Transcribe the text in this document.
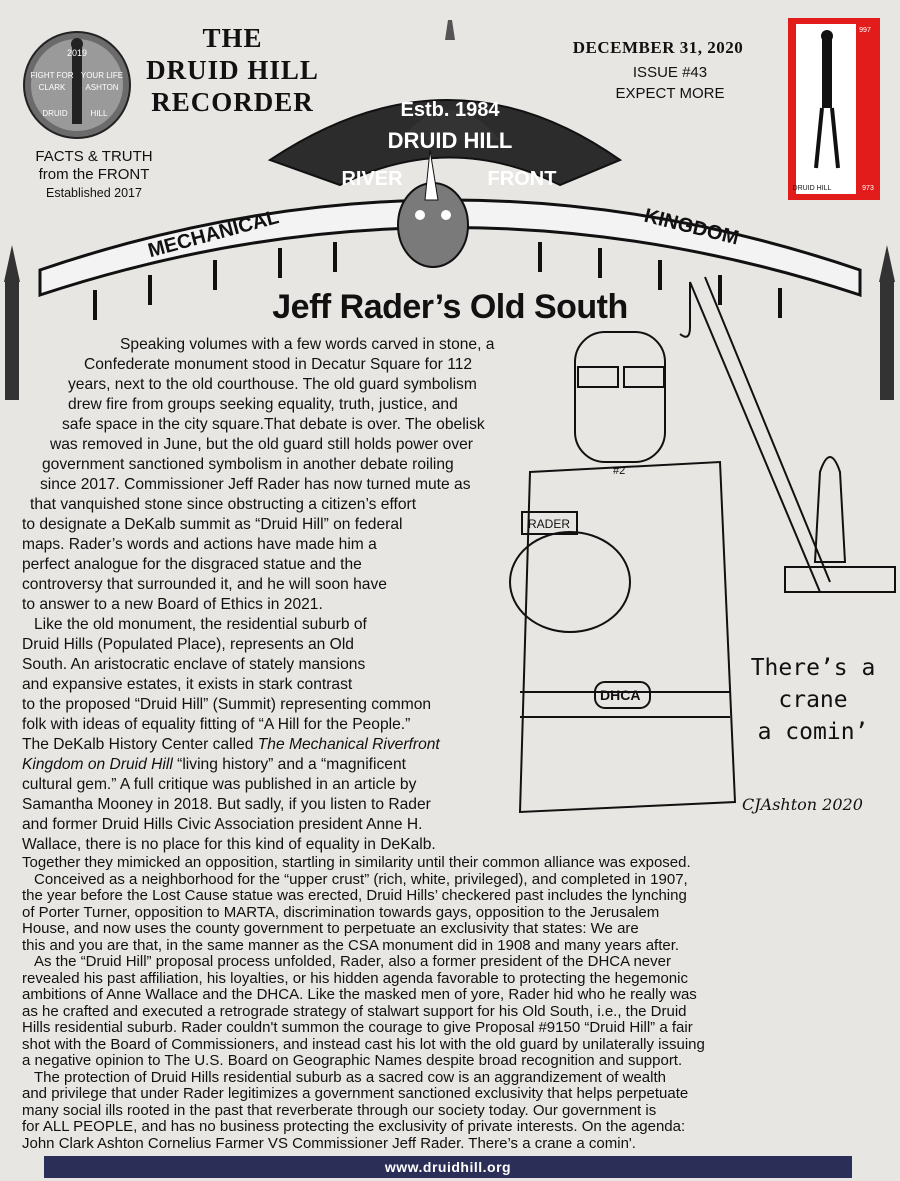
2019
FIGHT FOR YOUR LIFE
CLARK	ASHTON
DRUID	HILL
THE
DRUID HILL
RECORDER
FACTS & TRUTH
from the FRONT
Established 2017
DECEMBER 31, 2020
ISSUE #43
EXPECT MORE
997
DRUID HILL	973
Estb. 1984
DRUID HILL
RIVER	FRONT
MECHANICAL	KINGDOM
#2
RADER
DHCA
There’s a
crane
a comin’
CJAshton 2020
Jeff Rader’s Old South
Speaking volumes with a few words carved in stone, a
Confederate monument stood in Decatur Square for 112
years, next to the old courthouse. The old guard symbolism
drew fire from groups seeking equality, truth, justice, and
safe space in the city square.That debate is over. The obelisk
was removed in June, but the old guard still holds power over
government sanctioned symbolism in another debate roiling
since 2017. Commissioner Jeff Rader has now turned mute as
that vanquished stone since obstructing a citizen’s effort
to designate a DeKalb summit as “Druid Hill” on federal
maps. Rader’s words and actions have made him a
perfect analogue for the disgraced statue and the
controversy that surrounded it, and he will soon have
to answer to a new Board of Ethics in 2021.
Like the old monument, the residential suburb of
Druid Hills (Populated Place), represents an Old
South. An aristocratic enclave of stately mansions
and expansive estates, it exists in stark contrast
to the proposed “Druid Hill” (Summit) representing common
folk with ideas of equality fitting of “A Hill for the People.”
The DeKalb History Center called The Mechanical Riverfront
Kingdom on Druid Hill “living history” and a “magnificent
cultural gem.” A full critique was published in an article by
Samantha Mooney in 2018. But sadly, if you listen to Rader
and former Druid Hills Civic Association president Anne H.
Wallace, there is no place for this kind of equality in DeKalb.
Together they mimicked an opposition, startling in similarity until their common alliance was exposed.
Conceived as a neighborhood for the “upper crust” (rich, white, privileged), and completed in 1907,
the year before the Lost Cause statue was erected, Druid Hills’ checkered past includes the lynching
of Porter Turner, opposition to MARTA, discrimination towards gays, opposition to the Jerusalem
House, and now uses the county government to perpetuate an exclusivity that states: We are
this and you are that, in the same manner as the CSA monument did in 1908 and many years after.
As the “Druid Hill” proposal process unfolded, Rader, also a former president of the DHCA never
revealed his past affiliation, his loyalties, or his hidden agenda favorable to protecting the hegemonic
ambitions of Anne Wallace and the DHCA. Like the masked men of yore, Rader hid who he really was
as he crafted and executed a retrograde strategy of stalwart support for his Old South, i.e., the Druid
Hills residential suburb. Rader couldn't summon the courage to give Proposal #9150 “Druid Hill” a fair
shot with the Board of Commissioners, and instead cast his lot with the old guard by unilaterally issuing
a negative opinion to The U.S. Board on Geographic Names despite broad recognition and support.
The protection of Druid Hills residential suburb as a sacred cow is an aggrandizement of wealth
and privilege that under Rader legitimizes a government sanctioned exclusivity that helps perpetuate
many social ills rooted in the past that reverberate through our society today. Our government is
for ALL PEOPLE, and has no business protecting the exclusivity of private interests. On the agenda:
John Clark Ashton Cornelius Farmer VS Commissioner Jeff Rader. There’s a crane a comin'.
www.druidhill.org
